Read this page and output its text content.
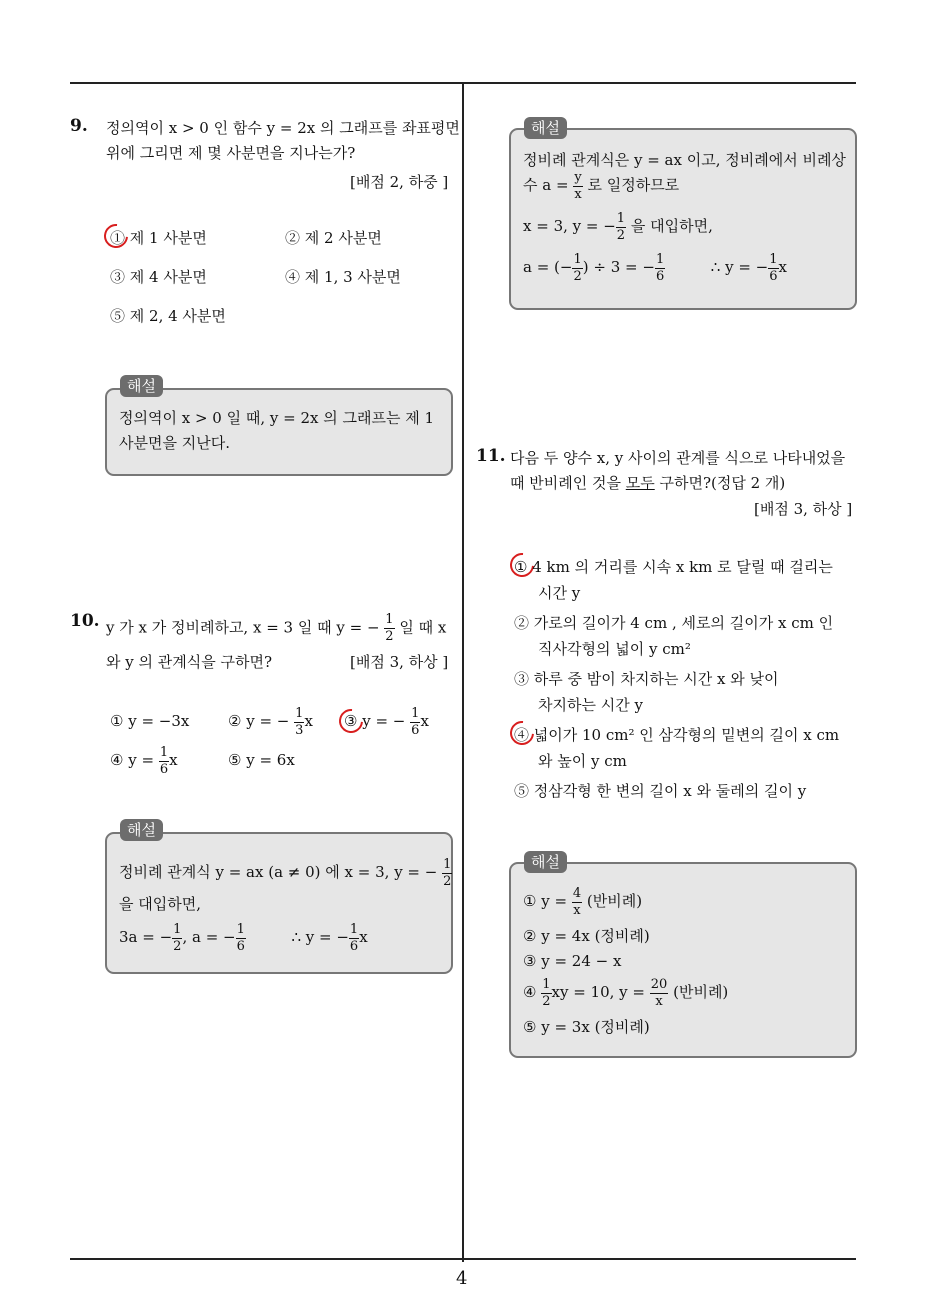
4
9. 정의역이 x > 0 인 함수 y = 2x 의 그래프를 좌표평면
위에 그리면 제 몇 사분면을 지나는가?
[배점 2, 하중 ]
① 제 1 사분면	② 제 2 사분면
③ 제 4 사분면	④ 제 1, 3 사분면
⑤ 제 2, 4 사분면
해설
정의역이 x > 0 일 때, y = 2x 의 그래프는 제 1
사분면을 지난다.
10. y 가 x 가 정비례하고, x = 3 일 때 y = − $\frac{1}{2}$ 일 때 x
와 y 의 관계식을 구하면?	[배점 3, 하상 ]
① y = −3x	② y = − $\frac{1}{3}$ x ③ y = − $\frac{1}{6}$ x
④ $y = \frac{1}{6}$ x	⑤ y = 6x
해설
정비례 관계식 y = ax (a ≠ 0) 에 x = 3, y = − $\frac{1}{2}$
을 대입하면,
3a = − $\frac{1}{2}$ , a = − $\frac{1}{6}$	∴ y = − $\frac{1}{6}$ x
해설
정비례 관계식은 y = ax 이고, 정비례에서 비례상
수 $a = \frac{y}{x}$ 로 일정하므로
x = 3, y = − $\frac{1}{2}$ 을 대입하면,
a = (− $\frac{1}{2}$ ) ÷ 3 = − $\frac{1}{6}$	∴ y = − $\frac{1}{6}$ x
11. 다음 두 양수 x, y 사이의 관계를 식으로 나타내었을
때 반비례인 것을 모두 구하면?(정답 2 개)
[배점 3, 하상 ]
① 4 km 의 거리를 시속 x km 로 달릴 때 걸리는
시간 y
② 가로의 길이가 4 cm , 세로의 길이가 x cm 인
직사각형의 넓이 y cm²
③ 하루 중 밤이 차지하는 시간 x 와 낮이
차지하는 시간 y
④ 넓이가 10 cm² 인 삼각형의 밑변의 길이 x cm
와 높이 y cm
⑤ 정삼각형 한 변의 길이 x 와 둘레의 길이 y
해설
① $y = \frac{4}{x}$ (반비례)
② y = 4x (정비례)
③ y = 24 − x
④ $\frac{1}{2}$ xy = 10, $y = \frac{20}{x}$ (반비례)
⑤ y = 3x (정비례)
